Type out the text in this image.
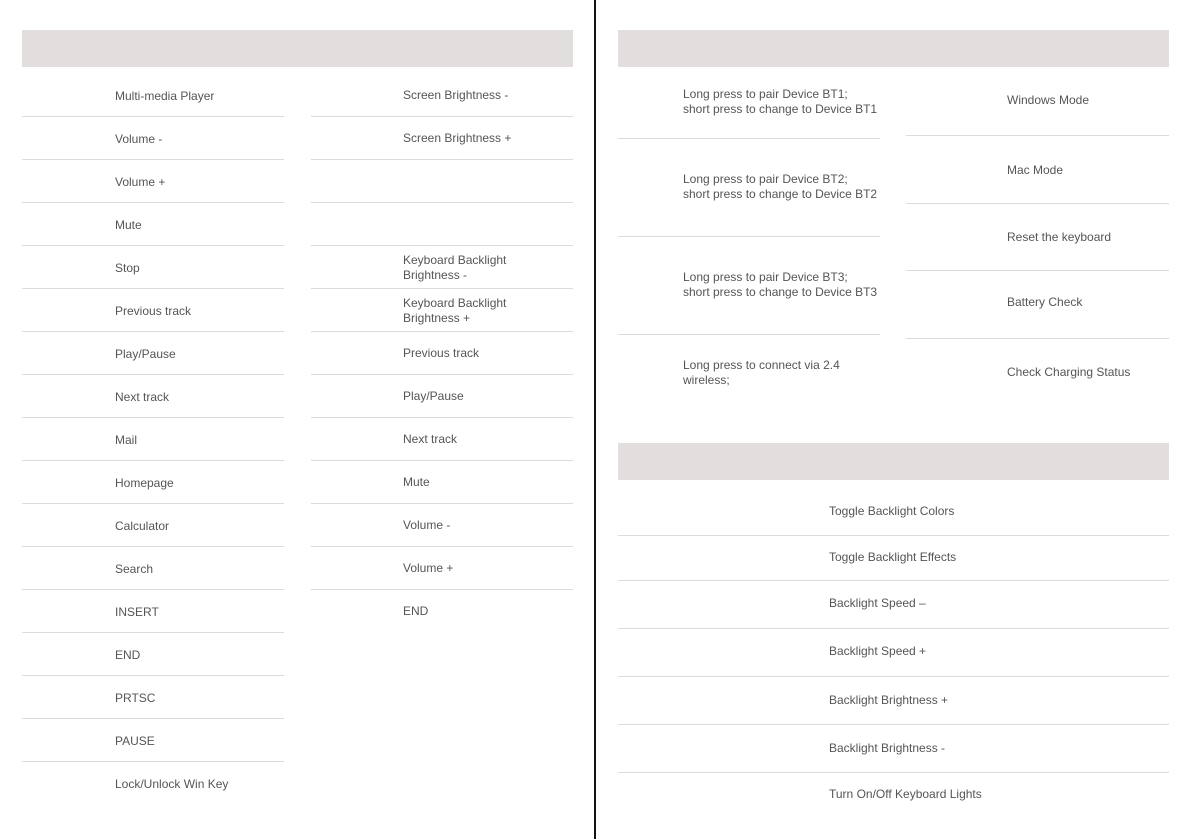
Multi-media Player
Volume -
Volume +
Mute
Stop
Previous track
Play/Pause
Next track
Mail
Homepage
Calculator
Search
INSERT
END
PRTSC
PAUSE
Lock/Unlock Win Key
Screen Brightness -
Screen Brightness +
Keyboard Backlight
Brightness -
Keyboard Backlight
Brightness +
Previous track
Play/Pause
Next track
Mute
Volume -
Volume +
END
Long press to pair Device BT1;
short press to change to Device BT1
Long press to pair Device BT2;
short press to change to Device BT2
Long press to pair Device BT3;
short press to change to Device BT3
Long press to connect via 2.4
wireless;
Windows Mode
Mac Mode
Reset the keyboard
Battery Check
Check Charging Status
Toggle Backlight Colors
Toggle Backlight Effects
Backlight Speed –
Backlight Speed +
Backlight Brightness +
Backlight Brightness -
Turn On/Off Keyboard Lights
